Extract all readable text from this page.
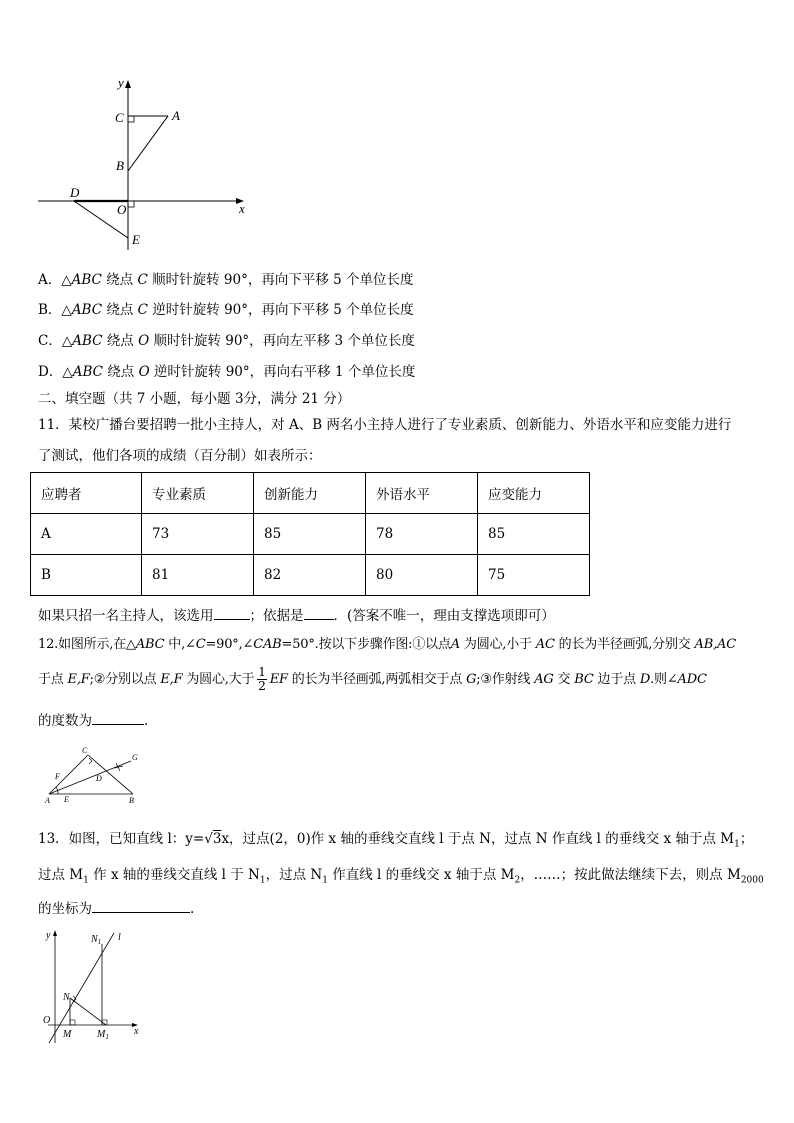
y
C	A
B
D
O	x
E
A．△ABC 绕点 C 顺时针旋转 90°，再向下平移 5 个单位长度
B．△ABC 绕点 C 逆时针旋转 90°，再向下平移 5 个单位长度
C．△ABC 绕点 O 顺时针旋转 90°，再向左平移 3 个单位长度
D．△ABC 绕点 O 逆时针旋转 90°，再向右平移 1 个单位长度
二、填空题（共 7 小题，每小题 3分，满分 21 分）
11．某校广播台要招聘一批小主持人，对 A、B 两名小主持人进行了专业素质、创新能力、外语水平和应变能力进行
了测试，他们各项的成绩（百分制）如表所示：
应聘者	专业素质	创新能力	外语水平	应变能力
A	73	85	78	85
B	81	82	80	75
如果只招一名主持人，该选用	；依据是 ．(答案不唯一，理由支撑选项即可）
12.如图所示,在△ABC 中,∠C=90°,∠CAB=50°.按以下步骤作图:①以点A 为圆心,小于 AC 的长为半径画弧,分别交 AB,AC
于点 E,F;②分别以点 E,F 为圆心,大于 $\frac{1}{2}$ EF 的长为半径画弧,两弧相交于点 G;③作射线 AG 交 BC 边于点 D.则∠ADC
的度数为	.
C
G
F	D
A E	B
13．如图，已知直线 l：y=√3x，过点(2，0)作 x 轴的垂线交直线 l 于点 N，过点 N 作直线 l 的垂线交 x 轴于点 $M_1$；
过点 $M_1$ 作 x 轴的垂线交直线 l 于 $N_1$，过点 $N_1$ 作直线 l 的垂线交 x 轴于点 $M_2$，……；按此做法继续下去，则点 $M_{2000}$
的坐标为	.
y	$N_1$ l
N
O
M	$M_1$	x
